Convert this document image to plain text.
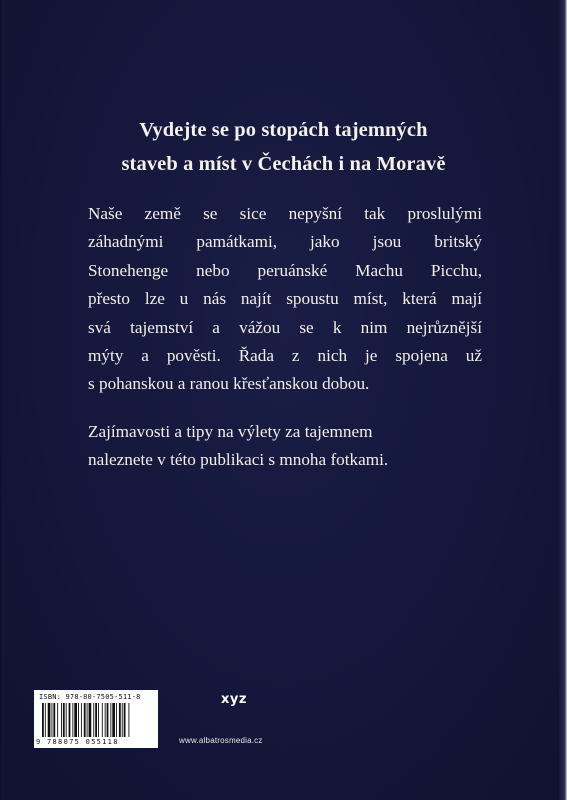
Vydejte se po stopách tajemných
staveb a míst v Čechách i na Moravě
Naše země se sice nepyšní tak proslulými
záhadnými památkami, jako jsou britský
Stonehenge nebo peruánské Machu Picchu,
přesto lze u nás najít spoustu míst, která mají
svá tajemství a vážou se k nim nejrůznější
mýty a pověsti. Řada z nich je spojena už
s pohanskou a ranou křesťanskou dobou.
Zajímavosti a tipy na výlety za tajemnem
naleznete v této publikaci s mnoha fotkami.
ISBN: 978-80-7505-511-8
9 788075 055118
xyz
www.albatrosmedia.cz
